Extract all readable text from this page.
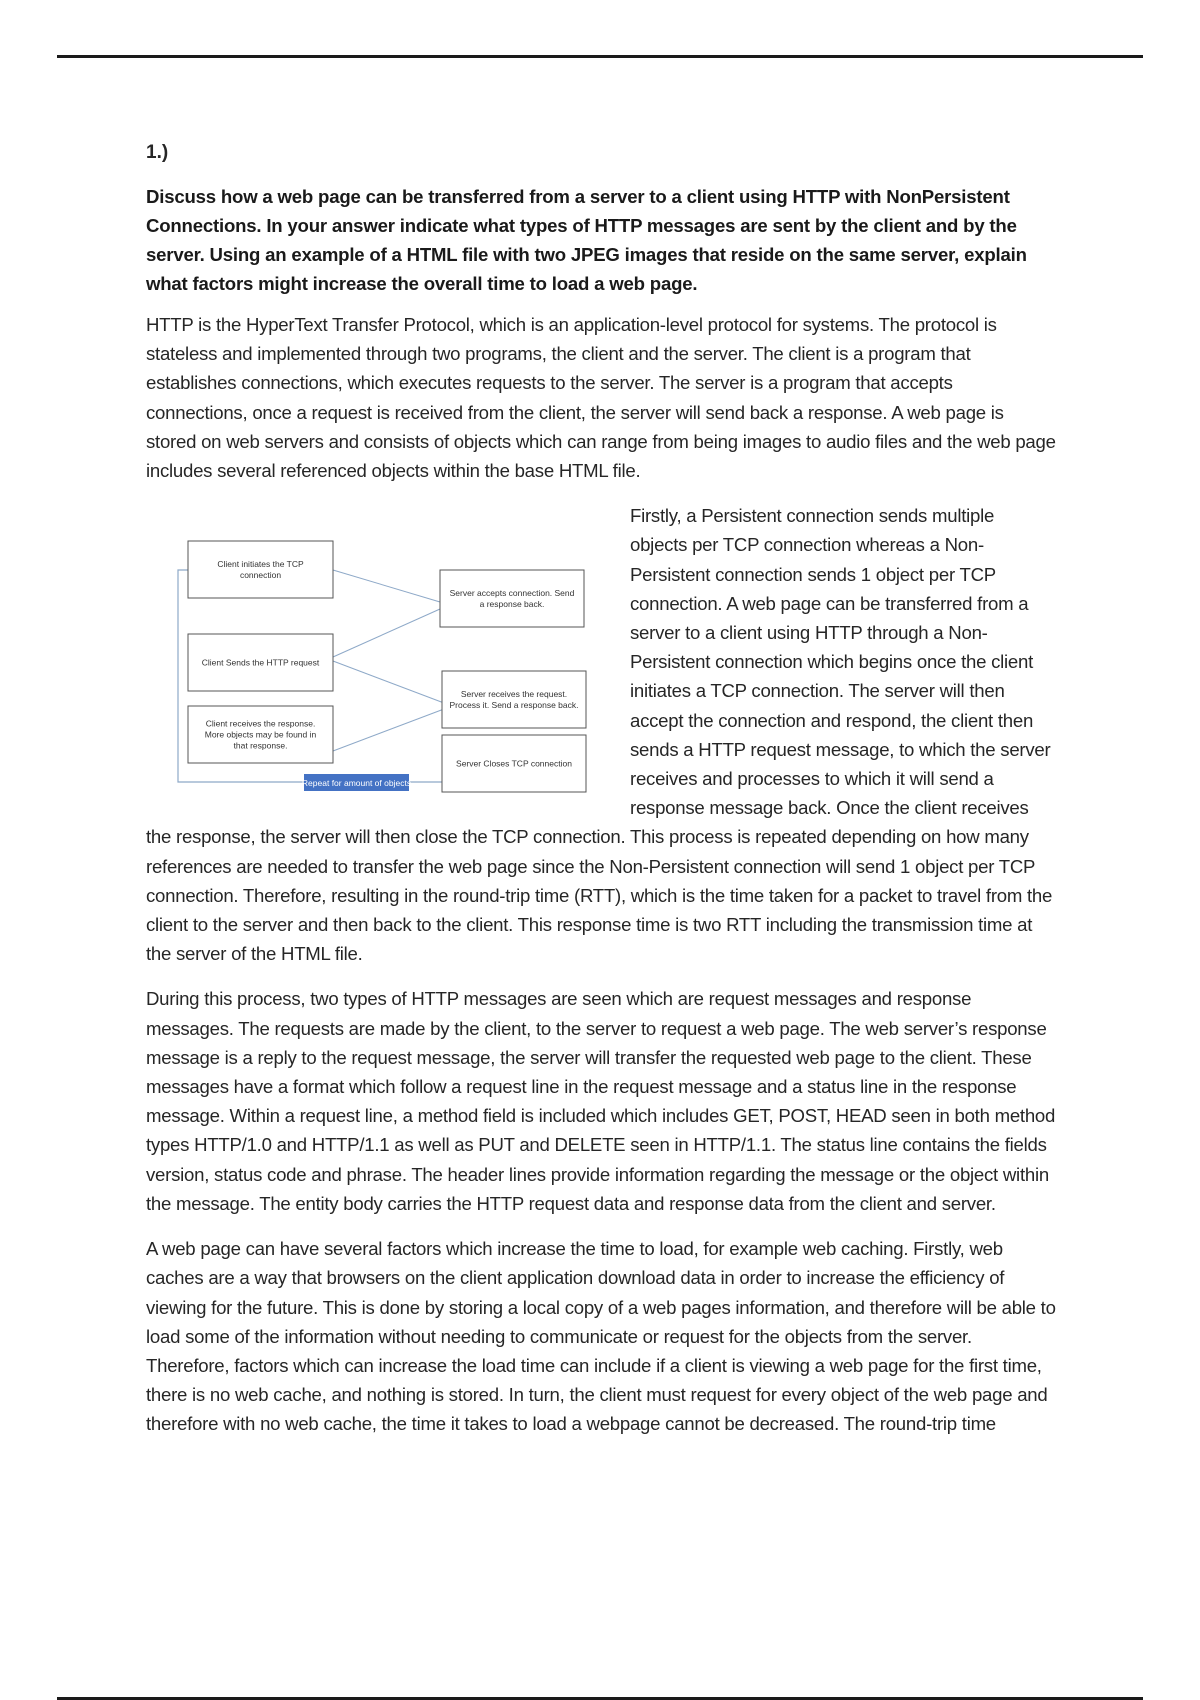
1.)

Discuss how a web page can be transferred from a server to a client using HTTP with NonPersistent Connections. In your answer indicate what types of HTTP messages are sent by the client and by the server. Using an example of a HTML file with two JPEG images that reside on the same server, explain what factors might increase the overall time to load a web page.

HTTP is the HyperText Transfer Protocol, which is an application-level protocol for systems. The protocol is stateless and implemented through two programs, the client and the server. The client is a program that establishes connections, which executes requests to the server. The server is a program that accepts connections, once a request is received from the client, the server will send back a response. A web page is stored on web servers and consists of objects which can range from being images to audio files and the web page includes several referenced objects within the base HTML file.

Client initiates the TCP
connection
Client Sends the HTTP request
Client receives the response.
More objects may be found in
that response.
Server accepts connection. Send
a response back.
Server receives the request.
Process it. Send a response back.
Server Closes TCP connection
Repeat for amount of objects

Firstly, a Persistent connection sends multiple objects per TCP connection whereas a Non-Persistent connection sends 1 object per TCP connection. A web page can be transferred from a server to a client using HTTP through a Non-Persistent connection which begins once the client initiates a TCP connection. The server will then accept the connection and respond, the client then sends a HTTP request message, to which the server receives and processes to which it will send a response message back. Once the client receives the response, the server will then close the TCP connection. This process is repeated depending on how many references are needed to transfer the web page since the Non-Persistent connection will send 1 object per TCP connection. Therefore, resulting in the round-trip time (RTT), which is the time taken for a packet to travel from the client to the server and then back to the client. This response time is two RTT including the transmission time at the server of the HTML file.

During this process, two types of HTTP messages are seen which are request messages and response messages. The requests are made by the client, to the server to request a web page. The web server’s response message is a reply to the request message, the server will transfer the requested web page to the client. These messages have a format which follow a request line in the request message and a status line in the response message. Within a request line, a method field is included which includes GET, POST, HEAD seen in both method types HTTP/1.0 and HTTP/1.1 as well as PUT and DELETE seen in HTTP/1.1. The status line contains the fields version, status code and phrase. The header lines provide information regarding the message or the object within the message. The entity body carries the HTTP request data and response data from the client and server.

A web page can have several factors which increase the time to load, for example web caching. Firstly, web caches are a way that browsers on the client application download data in order to increase the efficiency of viewing for the future. This is done by storing a local copy of a web pages information, and therefore will be able to load some of the information without needing to communicate or request for the objects from the server. Therefore, factors which can increase the load time can include if a client is viewing a web page for the first time, there is no web cache, and nothing is stored. In turn, the client must request for every object of the web page and therefore with no web cache, the time it takes to load a webpage cannot be decreased. The round-trip time
